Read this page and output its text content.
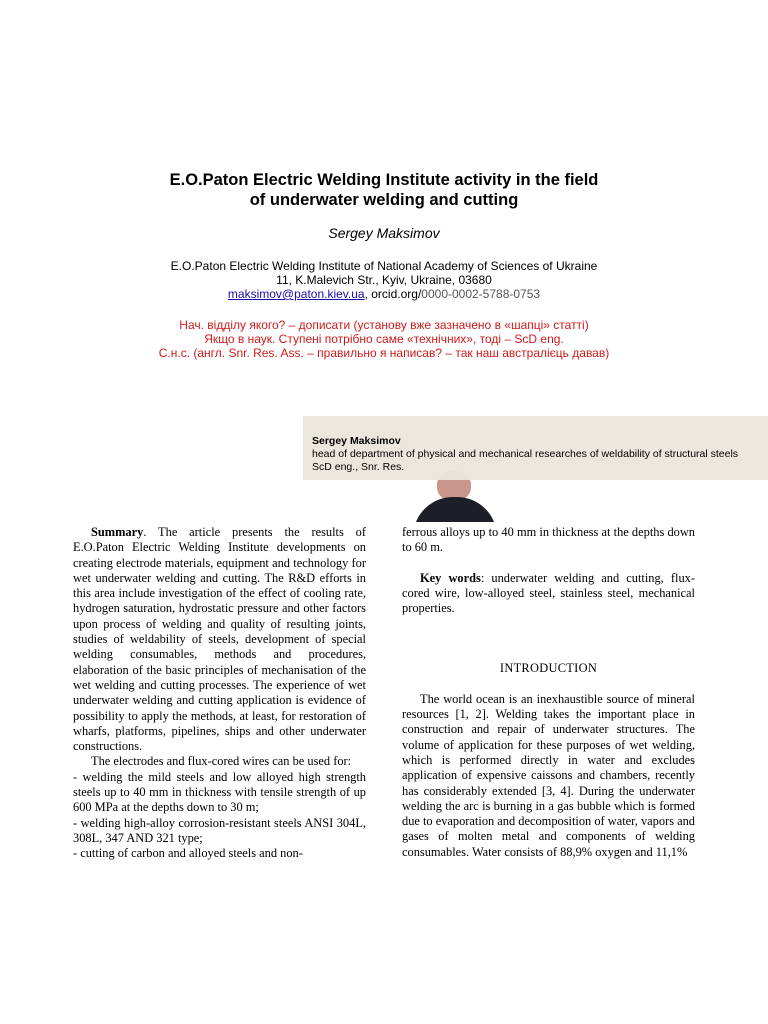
E.O.Paton Electric Welding Institute activity in the field
of underwater welding and cutting
Sergey Maksimov
E.O.Paton Electric Welding Institute of National Academy of Sciences of Ukraine
11, K.Malevich Str., Kyiv, Ukraine, 03680
maksimov@paton.kiev.ua, orcid.org/0000-0002-5788-0753
Нач. відділу якого? – дописати (установу вже зазначено в «шапці» статті)
Якщо в наук. Ступені потрібно саме «технічних», тоді – ScD eng.
С.н.с. (англ. Snr. Res. Ass. – правильно я написав? – так наш австралієць давав)
Sergey Maksimov
head of department of physical and mechanical researches of weldability of structural steels
ScD eng., Snr. Res.

Summary. The article presents the results of E.O.Paton Electric Welding Institute developments on creating electrode materials, equipment and technology for wet underwater welding and cutting. The R&D efforts in this area include investigation of the effect of cooling rate, hydrogen saturation, hydrostatic pressure and other factors upon process of welding and quality of resulting joints, studies of weldability of steels, development of special welding consumables, methods and procedures, elaboration of the basic principles of mechanisation of the wet welding and cutting processes. The experience of wet underwater welding and cutting application is evidence of possibility to apply the methods, at least, for restoration of wharfs, platforms, pipelines, ships and other underwater constructions.

The electrodes and flux-cored wires can be used for:

- welding the mild steels and low alloyed high strength steels up to 40 mm in thickness with tensile strength of up 600 MPa at the depths down to 30 m;

- welding high-alloy corrosion-resistant steels ANSI 304L, 308L, 347 AND 321 type;

- cutting of carbon and alloyed steels and non-

ferrous alloys up to 40 mm in thickness at the depths down to 60 m.

Key words: underwater welding and cutting, flux-cored wire, low-alloyed steel, stainless steel, mechanical properties.

INTRODUCTION

The world ocean is an inexhaustible source of mineral resources [1, 2]. Welding takes the important place in construction and repair of underwater structures. The volume of application for these purposes of wet welding, which is performed directly in water and excludes application of expensive caissons and chambers, recently has considerably extended [3, 4]. During the underwater welding the arc is burning in a gas bubble which is formed due to evaporation and decomposition of water, vapors and gases of molten metal and components of welding consumables. Water consists of 88,9% oxygen and 11,1%
